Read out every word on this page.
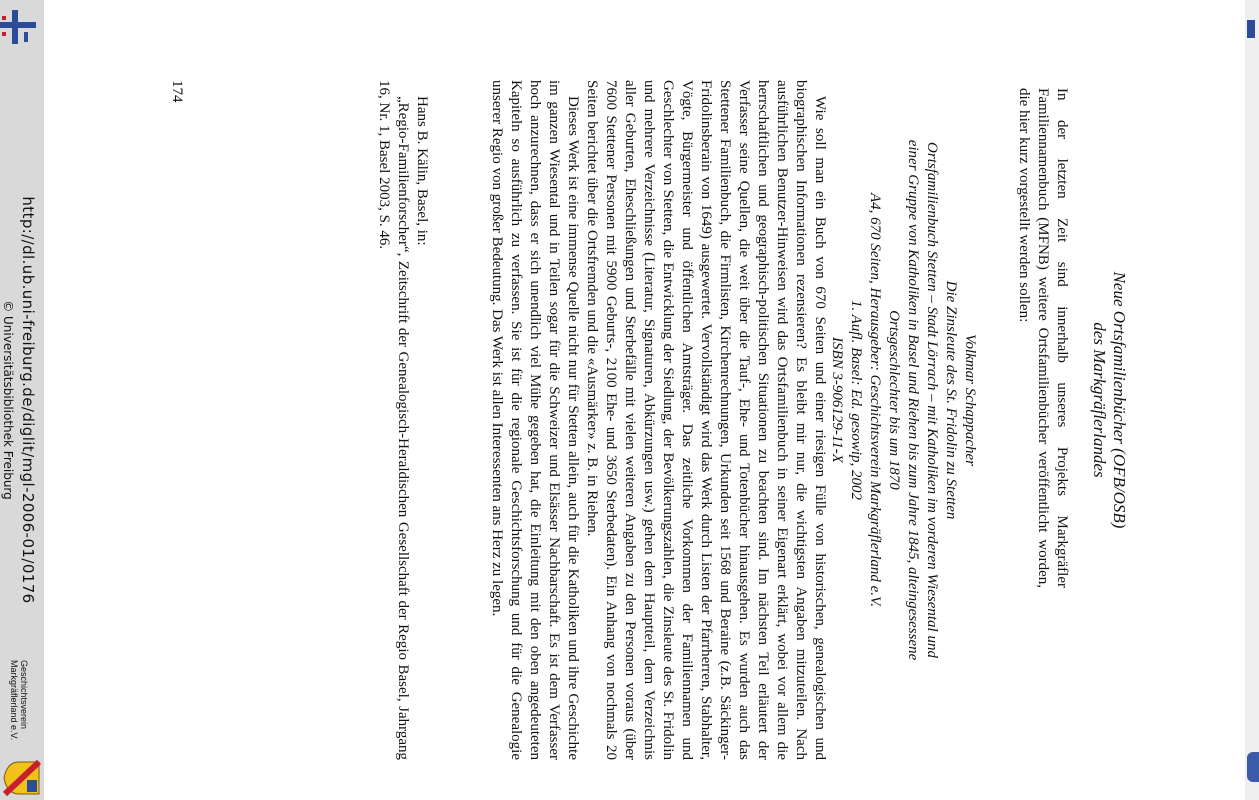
Neue Ortsfamilienbücher (OFB/OSB)
des Markgräflerlandes
In der letzten Zeit sind innerhalb unseres Projekts Markgräfler Familiennamenbuch (MFNB) weitere Ortsfamilienbücher veröffentlicht worden, die hier kurz vorgestellt werden sollen:
Volkmar Schappacher
Die Zinsleute des St. Fridolin zu Stetten
Ortsfamilienbuch Stetten – Stadt Lörrach – mit Katholiken im vorderen Wiesental und
einer Gruppe von Katholiken in Basel und Riehen bis zum Jahre 1845, alteingesessene
Ortsgeschlechter bis um 1870
A4, 670 Seiten, Herausgeber: Geschichtsverein Markgräflerland e.V.
1. Aufl. Basel: Ed. gesowip, 2002
ISBN 3-906129-11-X

Wie soll man ein Buch von 670 Seiten und einer riesigen Fülle von historischen, genealogischen und biographischen Informationen rezensieren? Es bleibt mir nur, die wichtigsten Angaben mitzuteilen. Nach ausführlichen Benutzer-Hinweisen wird das Ortsfamilienbuch in seiner Eigenart erklärt, wobei vor allem die herrschaftlichen und geographisch-politischen Situationen zu beachten sind. Im nächsten Teil erläutert der Verfasser seine Quellen, die weit über die Tauf-, Ehe- und Totenbücher hinausgehen. Es wurden auch das Stettener Familienbuch, die Firmlisten, Kirchenrechnungen, Urkunden seit 1568 und Beraine (z.B. Säckinger-Fridolinsberain von 1649) ausgewertet. Vervollständigt wird das Werk durch Listen der Pfarrherren, Stabhalter, Vögte, Bürgermeister und öffentlichen Amtsträger. Das zeitliche Vorkommen der Familiennamen und Geschlechter von Stetten, die Entwicklung der Siedlung, der Bevölkerungszahlen, die Zinsleute des St. Fridolin und mehrere Verzeichnisse (Literatur, Signaturen, Abkürzungen usw.) gehen dem Hauptteil, dem Verzeichnis aller Geburten, Eheschließungen und Sterbefälle mit vielen weiteren Angaben zu den Personen voraus (über 7600 Stettener Personen mit 5900 Geburts-, 2100 Ehe- und 3650 Sterbedaten). Ein Anhang von nochmals 20 Seiten berichtet über die Ortsfremden und die «Ausmärker» z. B. in Riehen.

Dieses Werk ist eine immense Quelle nicht nur für Stetten allein, auch für die Katholiken und ihre Geschichte im ganzen Wiesental und in Teilen sogar für die Schweizer und Elsässer Nachbarschaft. Es ist dem Verfasser hoch anzurechnen, dass er sich unendlich viel Mühe gegeben hat, die Einleitung mit den oben angedeuteten Kapiteln so ausführlich zu verfassen. Sie ist für die regionale Geschichtsforschung und für die Genealogie unserer Regio von großer Bedeutung. Das Werk ist allen Interessenten ans Herz zu legen.

Hans B. Kälin, Basel, in:

„Regio-Familienforscher“, Zeitschrift der Genealogisch-Heraldischen Gesellschaft der Regio Basel, Jahrgang 16, Nr. 1, Basel 2003, S. 46.

174
Geschichtsverein
Markgräflerland e.V.
http://dl.ub.uni-freiburg.de/diglit/mgl-2006-01/0176
© Universitätsbibliothek Freiburg
